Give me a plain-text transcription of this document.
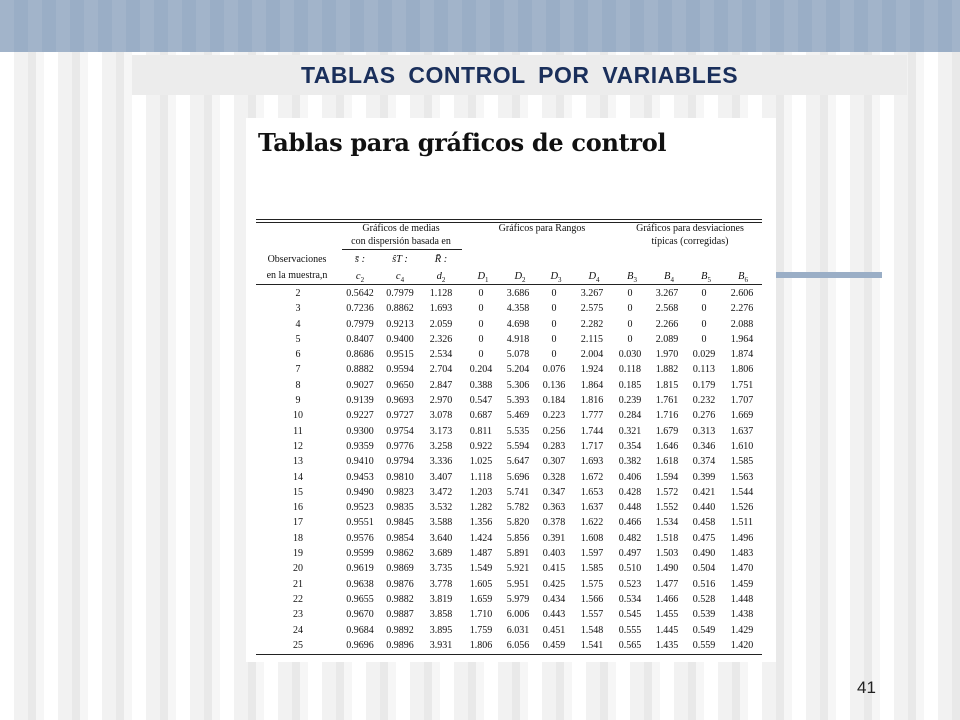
TABLAS CONTROL POR VARIABLES
Tablas para gráficos de control
Gráficos de medias
con dispersión basada en
Gráficos para Rangos	Gráficos para desviaciones
típicas (corregidas)
Observaciones
en la muestra,n
s̄ :	ŝT :	R̄ :
$c_2$	$c_4$	$d_2$	$D_1$	$D_2$	$D_3$	$D_4$	$B_3$	$B_4$	$B_5$	$B_6$
2	0.5642	0.7979	1.128	0	3.686	0	3.267	0	3.267	0	2.606
3	0.7236	0.8862	1.693	0	4.358	0	2.575	0	2.568	0	2.276
4	0.7979	0.9213	2.059	0	4.698	0	2.282	0	2.266	0	2.088
5	0.8407	0.9400	2.326	0	4.918	0	2.115	0	2.089	0	1.964
6	0.8686	0.9515	2.534	0	5.078	0	2.004	0.030	1.970	0.029	1.874
7	0.8882	0.9594	2.704	0.204	5.204	0.076	1.924	0.118	1.882	0.113	1.806
8	0.9027	0.9650	2.847	0.388	5.306	0.136	1.864	0.185	1.815	0.179	1.751
9	0.9139	0.9693	2.970	0.547	5.393	0.184	1.816	0.239	1.761	0.232	1.707
10	0.9227	0.9727	3.078	0.687	5.469	0.223	1.777	0.284	1.716	0.276	1.669
11	0.9300	0.9754	3.173	0.811	5.535	0.256	1.744	0.321	1.679	0.313	1.637
12	0.9359	0.9776	3.258	0.922	5.594	0.283	1.717	0.354	1.646	0.346	1.610
13	0.9410	0.9794	3.336	1.025	5.647	0.307	1.693	0.382	1.618	0.374	1.585
14	0.9453	0.9810	3.407	1.118	5.696	0.328	1.672	0.406	1.594	0.399	1.563
15	0.9490	0.9823	3.472	1.203	5.741	0.347	1.653	0.428	1.572	0.421	1.544
16	0.9523	0.9835	3.532	1.282	5.782	0.363	1.637	0.448	1.552	0.440	1.526
17	0.9551	0.9845	3.588	1.356	5.820	0.378	1.622	0.466	1.534	0.458	1.511
18	0.9576	0.9854	3.640	1.424	5.856	0.391	1.608	0.482	1.518	0.475	1.496
19	0.9599	0.9862	3.689	1.487	5.891	0.403	1.597	0.497	1.503	0.490	1.483
20	0.9619	0.9869	3.735	1.549	5.921	0.415	1.585	0.510	1.490	0.504	1.470
21	0.9638	0.9876	3.778	1.605	5.951	0.425	1.575	0.523	1.477	0.516	1.459
22	0.9655	0.9882	3.819	1.659	5.979	0.434	1.566	0.534	1.466	0.528	1.448
23	0.9670	0.9887	3.858	1.710	6.006	0.443	1.557	0.545	1.455	0.539	1.438
24	0.9684	0.9892	3.895	1.759	6.031	0.451	1.548	0.555	1.445	0.549	1.429
25	0.9696	0.9896	3.931	1.806	6.056	0.459	1.541	0.565	1.435	0.559	1.420
41
